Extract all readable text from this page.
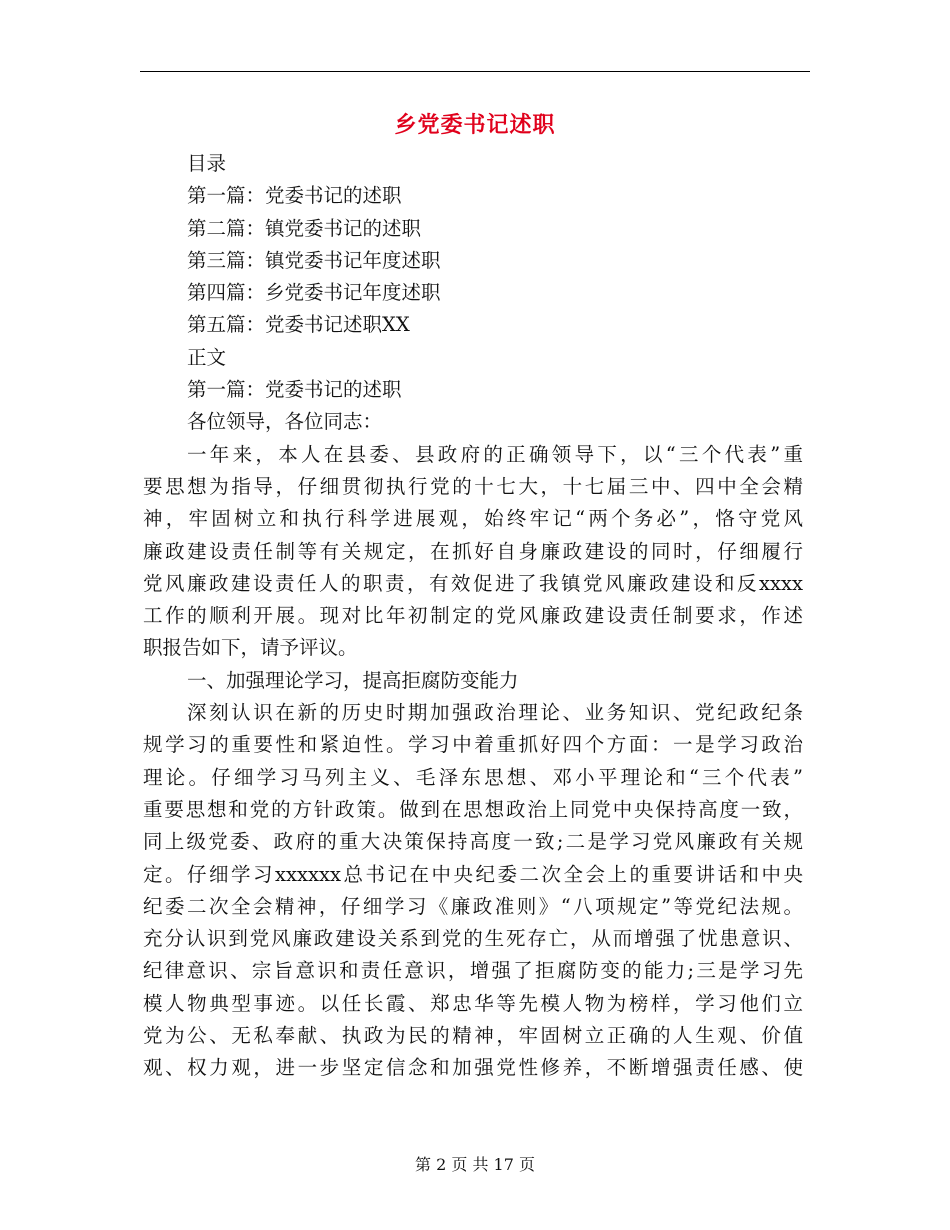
乡党委书记述职
目录
第一篇：党委书记的述职
第二篇：镇党委书记的述职
第三篇：镇党委书记年度述职
第四篇：乡党委书记年度述职
第五篇：党委书记述职XX
正文
第一篇：党委书记的述职
各位领导，各位同志：
一年来，本人在县委、县政府的正确领导下，以“三个代表”重
要思想为指导，仔细贯彻执行党的十七大，十七届三中、四中全会精
神，牢固树立和执行科学进展观，始终牢记“两个务必”，恪守党风
廉政建设责任制等有关规定，在抓好自身廉政建设的同时，仔细履行
党风廉政建设责任人的职责，有效促进了我镇党风廉政建设和反xxxx
工作的顺利开展。现对比年初制定的党风廉政建设责任制要求，作述
职报告如下，请予评议。
一、加强理论学习，提高拒腐防变能力
深刻认识在新的历史时期加强政治理论、业务知识、党纪政纪条
规学习的重要性和紧迫性。学习中着重抓好四个方面：一是学习政治
理论。仔细学习马列主义、毛泽东思想、邓小平理论和“三个代表”
重要思想和党的方针政策。做到在思想政治上同党中央保持高度一致，
同上级党委、政府的重大决策保持高度一致;二是学习党风廉政有关规
定。仔细学习xxxxxx总书记在中央纪委二次全会上的重要讲话和中央
纪委二次全会精神，仔细学习《廉政准则》“八项规定”等党纪法规。
充分认识到党风廉政建设关系到党的生死存亡，从而增强了忧患意识、
纪律意识、宗旨意识和责任意识，增强了拒腐防变的能力;三是学习先
模人物典型事迹。以任长霞、郑忠华等先模人物为榜样，学习他们立
党为公、无私奉献、执政为民的精神，牢固树立正确的人生观、价值
观、权力观，进一步坚定信念和加强党性修养，不断增强责任感、使
第 2 页 共 17 页
